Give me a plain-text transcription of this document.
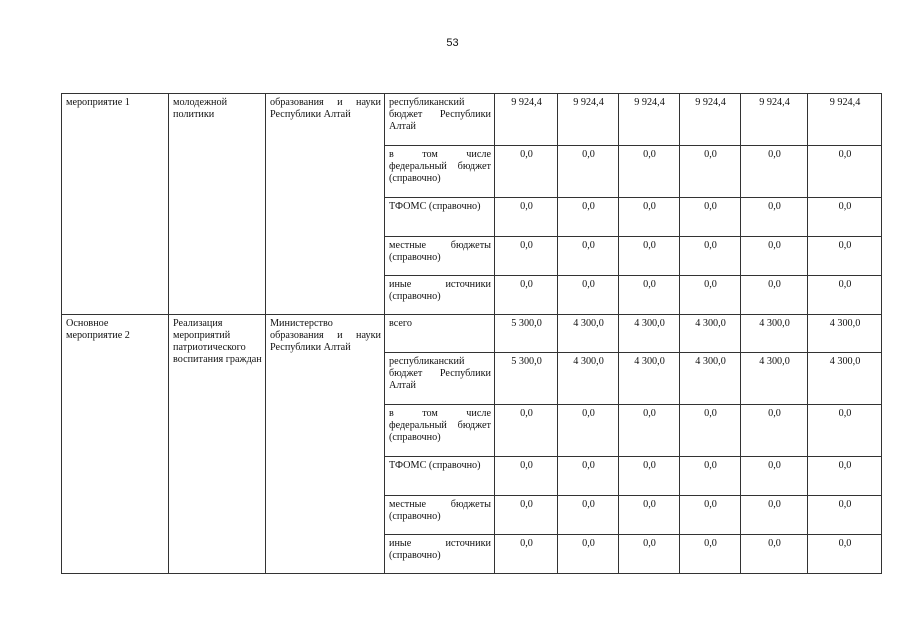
53
мероприятие 1	молодежной политики	образования и науки Республики Алтай	республиканский бюджет Республики Алтай	9 924,4	9 924,4	9 924,4	9 924,4	9 924,4	9 924,4
			в том числе федеральный бюджет (справочно)	0,0	0,0	0,0	0,0	0,0	0,0
			ТФОМС (справочно)	0,0	0,0	0,0	0,0	0,0	0,0
			местные бюджеты (справочно)	0,0	0,0	0,0	0,0	0,0	0,0
			иные источники (справочно)	0,0	0,0	0,0	0,0	0,0	0,0
Основное мероприятие 2	Реализация мероприятий патриотического воспитания граждан	Министерство образования и науки Республики Алтай	всего	5 300,0	4 300,0	4 300,0	4 300,0	4 300,0	4 300,0
			республиканский бюджет Республики Алтай	5 300,0	4 300,0	4 300,0	4 300,0	4 300,0	4 300,0
			в том числе федеральный бюджет (справочно)	0,0	0,0	0,0	0,0	0,0	0,0
			ТФОМС (справочно)	0,0	0,0	0,0	0,0	0,0	0,0
			местные бюджеты (справочно)	0,0	0,0	0,0	0,0	0,0	0,0
			иные источники (справочно)	0,0	0,0	0,0	0,0	0,0	0,0
